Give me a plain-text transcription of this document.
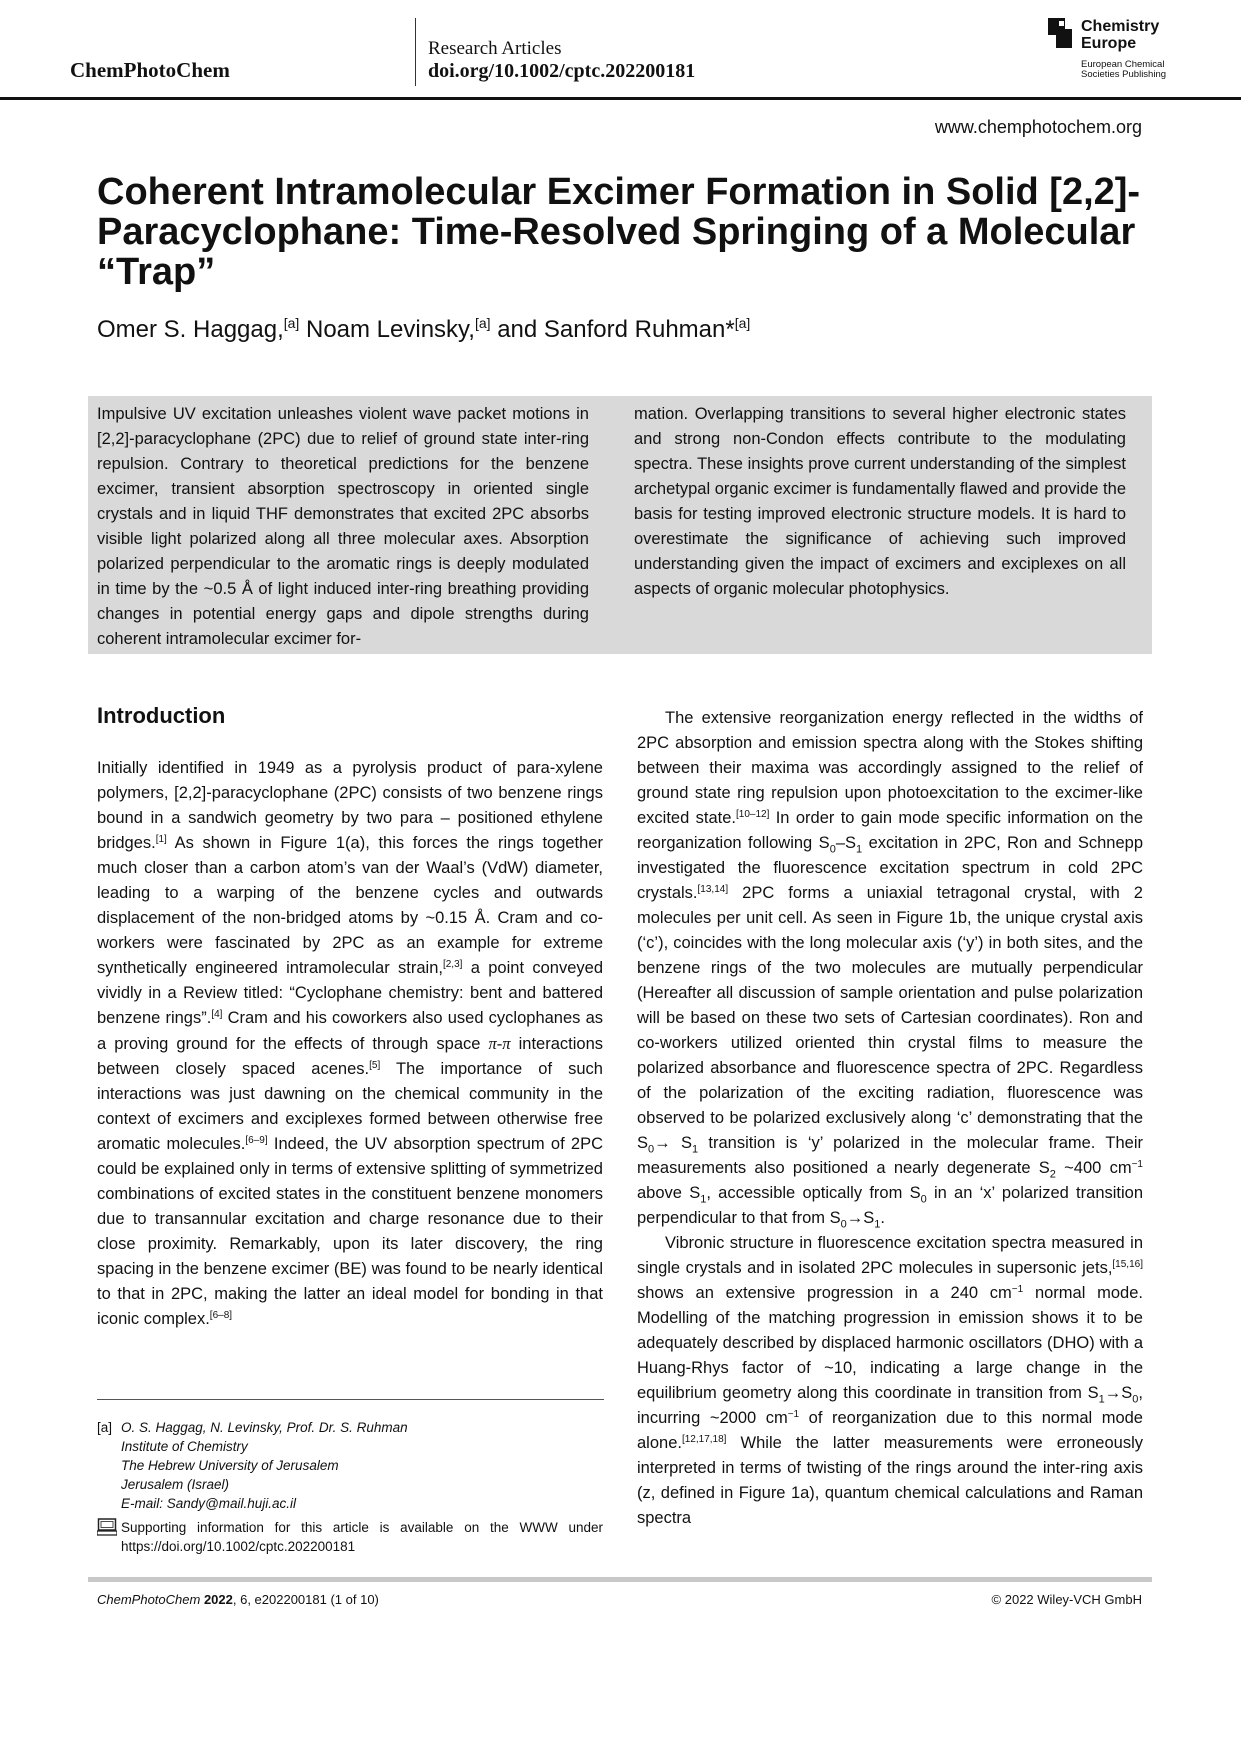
ChemPhotoChem
Research Articles
doi.org/10.1002/cptc.202200181
Chemistry
Europe
European Chemical
Societies Publishing
www.chemphotochem.org
Coherent Intramolecular Excimer Formation in Solid [2,2]-Paracyclophane: Time-Resolved Springing of a Molecular “Trap”
Omer S. Haggag,[a] Noam Levinsky,[a] and Sanford Ruhman*[a]
Impulsive UV excitation unleashes violent wave packet motions in [2,2]-paracyclophane (2PC) due to relief of ground state inter-ring repulsion. Contrary to theoretical predictions for the benzene excimer, transient absorption spectroscopy in oriented single crystals and in liquid THF demonstrates that excited 2PC absorbs visible light polarized along all three molecular axes. Absorption polarized perpendicular to the aromatic rings is deeply modulated in time by the ~0.5 Å of light induced inter-ring breathing providing changes in potential energy gaps and dipole strengths during coherent intramolecular excimer for-
mation. Overlapping transitions to several higher electronic states and strong non-Condon effects contribute to the modulating spectra. These insights prove current understanding of the simplest archetypal organic excimer is fundamentally flawed and provide the basis for testing improved electronic structure models. It is hard to overestimate the significance of achieving such improved understanding given the impact of excimers and exciplexes on all aspects of organic molecular photophysics.
Introduction

Initially identified in 1949 as a pyrolysis product of para-xylene polymers, [2,2]-paracyclophane (2PC) consists of two benzene rings bound in a sandwich geometry by two para – positioned ethylene bridges.[1] As shown in Figure 1(a), this forces the rings together much closer than a carbon atom’s van der Waal’s (VdW) diameter, leading to a warping of the benzene cycles and outwards displacement of the non-bridged atoms by ~0.15 Å. Cram and co-workers were fascinated by 2PC as an example for extreme synthetically engineered intramolecular strain,[2,3] a point conveyed vividly in a Review titled: “Cyclophane chemistry: bent and battered benzene rings”.[4] Cram and his coworkers also used cyclophanes as a proving ground for the effects of through space π-π interactions between closely spaced acenes.[5] The importance of such interactions was just dawning on the chemical community in the context of excimers and exciplexes formed between otherwise free aromatic molecules.[6–9] Indeed, the UV absorption spectrum of 2PC could be explained only in terms of extensive splitting of symmetrized combinations of excited states in the constituent benzene monomers due to transannular excitation and charge resonance due to their close proximity. Remarkably, upon its later discovery, the ring spacing in the benzene excimer (BE) was found to be nearly identical to that in 2PC, making the latter an ideal model for bonding in that iconic complex.[6–8]

The extensive reorganization energy reflected in the widths of 2PC absorption and emission spectra along with the Stokes shifting between their maxima was accordingly assigned to the relief of ground state ring repulsion upon photoexcitation to the excimer-like excited state.[10–12] In order to gain mode specific information on the reorganization following $S_0-S_1$ excitation in 2PC, Ron and Schnepp investigated the fluorescence excitation spectrum in cold 2PC crystals.[13,14] 2PC forms a uniaxial tetragonal crystal, with 2 molecules per unit cell. As seen in Figure 1b, the unique crystal axis (‘c’), coincides with the long molecular axis (‘y’) in both sites, and the benzene rings of the two molecules are mutually perpendicular (Hereafter all discussion of sample orientation and pulse polarization will be based on these two sets of Cartesian coordinates). Ron and co-workers utilized oriented thin crystal films to measure the polarized absorbance and fluorescence spectra of 2PC. Regardless of the polarization of the exciting radiation, fluorescence was observed to be polarized exclusively along ‘c’ demonstrating that the $S_0\to S_1$ transition is ‘y’ polarized in the molecular frame. Their measurements also positioned a nearly degenerate $S_2$ ~400 $cm^{-1}$ above $S_1$, accessible optically from $S_0$ in an ‘x’ polarized transition perpendicular to that from $S_0\to S_1$.

Vibronic structure in fluorescence excitation spectra measured in single crystals and in isolated 2PC molecules in supersonic jets,[15,16] shows an extensive progression in a 240 $cm^{-1}$ normal mode. Modelling of the matching progression in emission shows it to be adequately described by displaced harmonic oscillators (DHO) with a Huang-Rhys factor of ~10, indicating a large change in the equilibrium geometry along this coordinate in transition from $S_1\to S_0$, incurring ~2000 $cm^{-1}$ of reorganization due to this normal mode alone.[12,17,18] While the latter measurements were erroneously interpreted in terms of twisting of the rings around the inter-ring axis (z, defined in Figure 1a), quantum chemical calculations and Raman spectra

[a] O. S. Haggag, N. Levinsky, Prof. Dr. S. Ruhman
Institute of Chemistry
The Hebrew University of Jerusalem
Jerusalem (Israel)
E-mail: Sandy@mail.huji.ac.il
Supporting information for this article is available on the WWW under https://doi.org/10.1002/cptc.202200181
ChemPhotoChem 2022, 6, e202200181 (1 of 10)	© 2022 Wiley-VCH GmbH
